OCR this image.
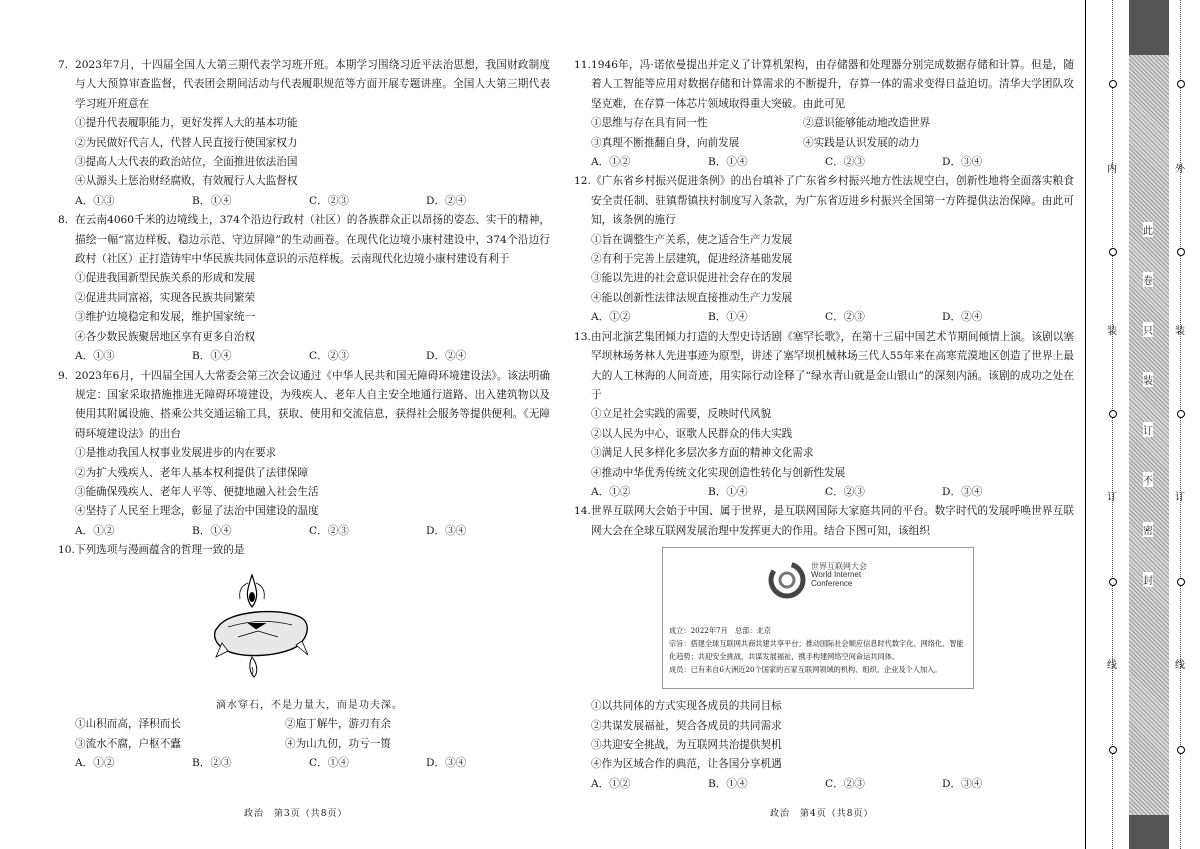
7. 2023年7月，十四届全国人大第三期代表学习班开班。本期学习围绕习近平法治思想，我国财政制度与人大预算审查监督，代表团会期间活动与代表履职规范等方面开展专题讲座。全国人大第三期代表学习班开班意在
①提升代表履职能力，更好发挥人大的基本功能
②为民做好代言人，代替人民直接行使国家权力
③提高人大代表的政治站位，全面推进依法治国
④从源头上惩治财经腐败，有效履行人大监督权
A．①③	B．①④	C．②③	D．②④
8. 在云南4060千米的边境线上，374个沿边行政村（社区）的各族群众正以昂扬的姿态、实干的精神，描绘一幅“富边样板、稳边示范、守边屏障”的生动画卷。在现代化边境小康村建设中，374个沿边行政村（社区）正打造铸牢中华民族共同体意识的示范样板。云南现代化边境小康村建设有利于
①促进我国新型民族关系的形成和发展
②促进共同富裕，实现各民族共同繁荣
③维护边境稳定和发展，维护国家统一
④各少数民族聚居地区享有更多自治权
A．①③	B．①④	C．②③	D．②④
9. 2023年6月，十四届全国人大常委会第三次会议通过《中华人民共和国无障碍环境建设法》。该法明确规定：国家采取措施推进无障碍环境建设，为残疾人、老年人自主安全地通行道路、出入建筑物以及使用其附属设施、搭乘公共交通运输工具，获取、使用和交流信息，获得社会服务等提供便利。《无障碍环境建设法》的出台
①是推动我国人权事业发展进步的内在要求
②为扩大残疾人、老年人基本权利提供了法律保障
③能确保残疾人、老年人平等、便捷地融入社会生活
④坚持了人民至上理念，彰显了法治中国建设的温度
A．①②	B．①④	C．②③	D．③④
10. 下列选项与漫画蕴含的哲理一致的是
滴水穿石，不是力量大，而是功夫深。
①山积而高，泽积而长	②庖丁解牛，游刃有余
③流水不腐，户枢不蠹	④为山九仞，功亏一篑
A．①②	B．②③	C．①④	D．③④
政治　第3页（共8页）
11. 1946年，冯·诺依曼提出并定义了计算机架构，由存储器和处理器分别完成数据存储和计算。但是，随着人工智能等应用对数据存储和计算需求的不断提升，存算一体的需求变得日益迫切。清华大学团队攻坚克难，在存算一体芯片领域取得重大突破。由此可见
①思维与存在具有同一性	②意识能够能动地改造世界
③真理不断推翻自身，向前发展	④实践是认识发展的动力
A．①②	B．①④	C．②③	D．③④
12. 《广东省乡村振兴促进条例》的出台填补了广东省乡村振兴地方性法规空白，创新性地将全面落实粮食安全责任制、驻镇帮镇扶村制度写入条款，为广东省迈进乡村振兴全国第一方阵提供法治保障。由此可知，该条例的施行
①旨在调整生产关系，使之适合生产力发展
②有利于完善上层建筑，促进经济基础发展
③能以先进的社会意识促进社会存在的发展
④能以创新性法律法规直接推动生产力发展
A．①②	B．①④	C．②③	D．②④
13. 由河北演艺集团倾力打造的大型史诗话剧《塞罕长歌》，在第十三届中国艺术节期间倾情上演。该剧以塞罕坝林场务林人先进事迹为原型，讲述了塞罕坝机械林场三代人55年来在高寒荒漠地区创造了世界上最大的人工林海的人间奇迹，用实际行动诠释了“绿水青山就是金山银山”的深刻内涵。该剧的成功之处在于
①立足社会实践的需要，反映时代风貌
②以人民为中心，讴歌人民群众的伟大实践
③满足人民多样化多层次多方面的精神文化需求
④推动中华优秀传统文化实现创造性转化与创新性发展
A．①②	B．①④	C．②③	D．③④
14. 世界互联网大会始于中国、属于世界，是互联网国际大家庭共同的平台。数字时代的发展呼唤世界互联网大会在全球互联网发展治理中发挥更大的作用。结合下图可知，该组织
世界互联网大会
World Internet
Conference
成立：2022年7月　总部：北京
宗旨：搭建全球互联网共商共建共享平台；推动国际社会顺应信息时代数字化、网络化、智能化趋势；共迎安全挑战，共谋发展福祉，携手构建网络空间命运共同体。
成员：已有来自6大洲近20个国家的百家互联网领域的机构、组织、企业及个人加入。
①以共同体的方式实现各成员的共同目标
②共谋发展福祉，契合各成员的共同需求
③共迎安全挑战，为互联网共治提供契机
④作为区域合作的典范，让各国分享机遇
A．①②	B．①④	C．②③	D．③④
政治　第4页（共8页）
内
装
订
线
外
装
订
线
此
卷
只
装
订
不
密
封
